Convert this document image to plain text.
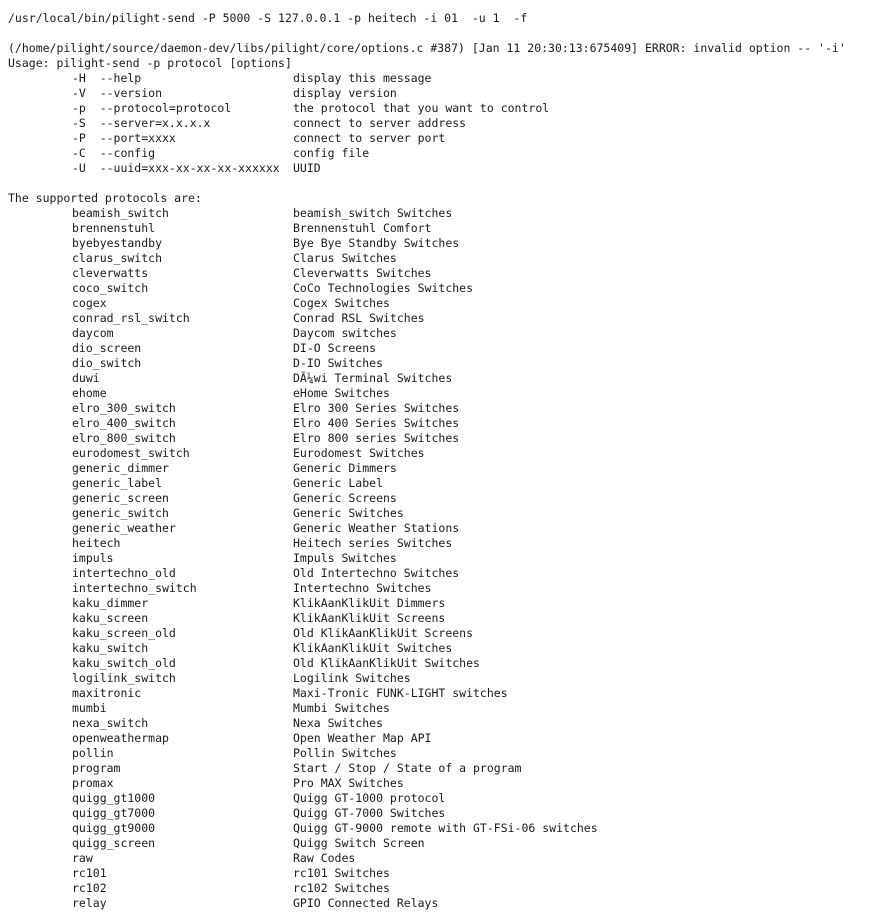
/usr/local/bin/pilight-send -P 5000 -S 127.0.0.1 -p heitech -i 01  -u 1  -f

(/home/pilight/source/daemon-dev/libs/pilight/core/options.c #387) [Jan 11 20:30:13:675409] ERROR: invalid option -- '-i'

Usage: pilight-send -p protocol [options]

-H  --help	display this message
-V  --version	display version
-p  --protocol=protocol	the protocol that you want to control
-S  --server=x.x.x.x	connect to server address
-P  --port=xxxx	connect to server port
-C  --config	config file
-U  --uuid=xxx-xx-xx-xx-xxxxxx UUID

The supported protocols are:

beamish_switch	beamish_switch Switches
brennenstuhl	Brennenstuhl Comfort
byebyestandby	Bye Bye Standby Switches
clarus_switch	Clarus Switches
cleverwatts	Cleverwatts Switches
coco_switch	CoCo Technologies Switches
cogex	Cogex Switches
conrad_rsl_switch	Conrad RSL Switches
daycom	Daycom switches
dio_screen	DI-O Screens
dio_switch	D-IO Switches
duwi	DÃ¼wi Terminal Switches
ehome	eHome Switches
elro_300_switch	Elro 300 Series Switches
elro_400_switch	Elro 400 Series Switches
elro_800_switch	Elro 800 series Switches
eurodomest_switch	Eurodomest Switches
generic_dimmer	Generic Dimmers
generic_label	Generic Label
generic_screen	Generic Screens
generic_switch	Generic Switches
generic_weather	Generic Weather Stations
heitech	Heitech series Switches
impuls	Impuls Switches
intertechno_old	Old Intertechno Switches
intertechno_switch	Intertechno Switches
kaku_dimmer	KlikAanKlikUit Dimmers
kaku_screen	KlikAanKlikUit Screens
kaku_screen_old	Old KlikAanKlikUit Screens
kaku_switch	KlikAanKlikUit Switches
kaku_switch_old	Old KlikAanKlikUit Switches
logilink_switch	Logilink Switches
maxitronic	Maxi-Tronic FUNK-LIGHT switches
mumbi	Mumbi Switches
nexa_switch	Nexa Switches
openweathermap	Open Weather Map API
pollin	Pollin Switches
program	Start / Stop / State of a program
promax	Pro MAX Switches
quigg_gt1000	Quigg GT-1000 protocol
quigg_gt7000	Quigg GT-7000 Switches
quigg_gt9000	Quigg GT-9000 remote with GT-FSi-06 switches
quigg_screen	Quigg Switch Screen
raw	Raw Codes
rc101	rc101 Switches
rc102	rc102 Switches
relay	GPIO Connected Relays
